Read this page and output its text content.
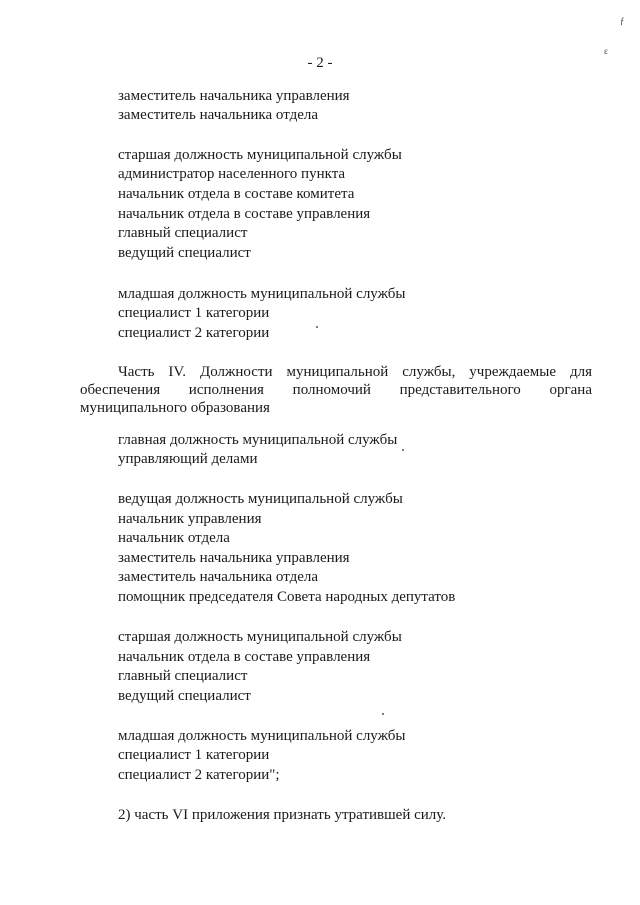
ƒ
ɛ
- 2 -
заместитель начальника управления
заместитель начальника отдела
старшая должность муниципальной службы
администратор населенного пункта
начальник отдела в составе комитета
начальник отдела в составе управления
главный специалист
ведущий специалист
младшая должность муниципальной службы
специалист 1 категории
специалист 2 категории
Часть IV. Должности муниципальной службы, учреждаемые для обеспечения исполнения полномочий представительного органа муниципального образования
главная должность муниципальной службы
управляющий делами
ведущая должность муниципальной службы
начальник управления
начальник отдела
заместитель начальника управления
заместитель начальника отдела
помощник председателя Совета народных депутатов
старшая должность муниципальной службы
начальник отдела в составе управления
главный специалист
ведущий специалист
младшая должность муниципальной службы
специалист 1 категории
специалист 2 категории";
2) часть VI приложения признать утратившей силу.
